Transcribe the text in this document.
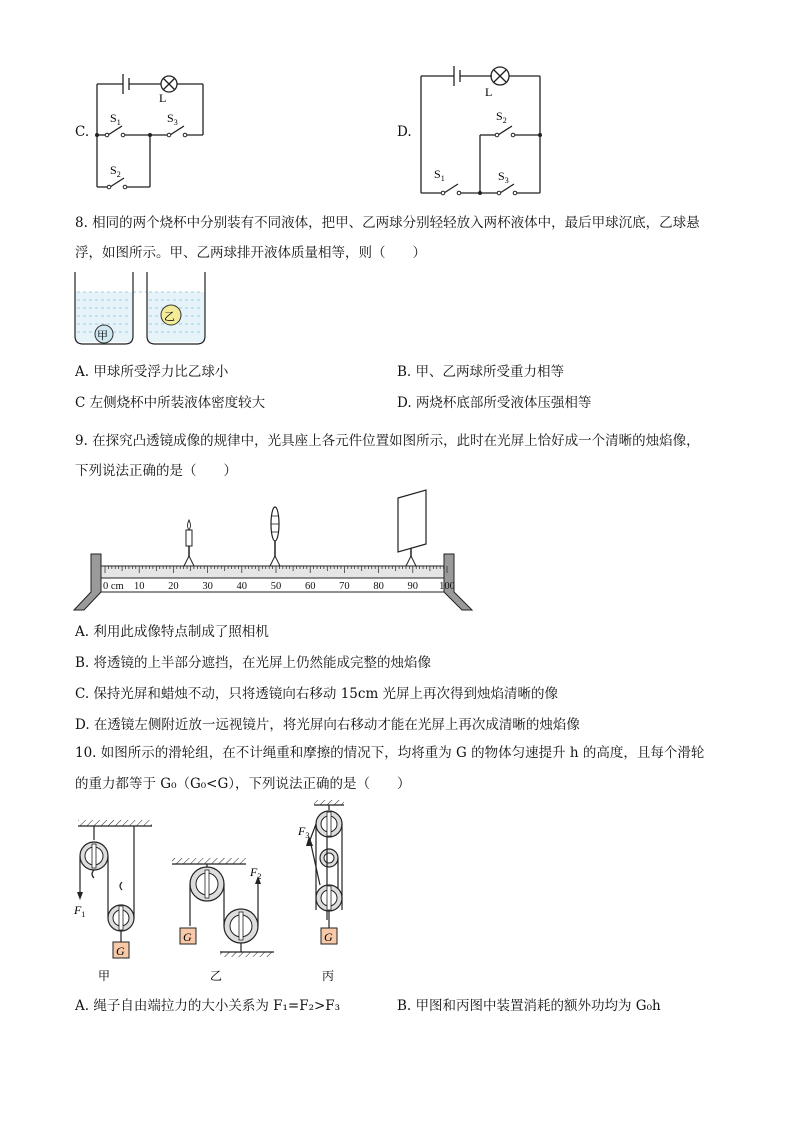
C.
L
$S_1$	$S_3$
$S_2$
D.
L
$S_2$
$S_1$	$S_3$
8. 相同的两个烧杯中分别装有不同液体，把甲、乙两球分别轻轻放入两杯液体中，最后甲球沉底，乙球悬
浮，如图所示。甲、乙两球排开液体质量相等，则（　　）
甲
乙
A. 甲球所受浮力比乙球小	B. 甲、乙两球所受重力相等
C 左侧烧杯中所装液体密度较大	D. 两烧杯底部所受液体压强相等
9. 在探究凸透镜成像的规律中，光具座上各元件位置如图所示，此时在光屏上恰好成一个清晰的烛焰像，
下列说法正确的是（　　）
0 cm 10 20 30 40 50 60 70 80 90 100
A. 利用此成像特点制成了照相机
B. 将透镜的上半部分遮挡，在光屏上仍然能成完整的烛焰像
C. 保持光屏和蜡烛不动，只将透镜向右移动 15cm 光屏上再次得到烛焰清晰的像
D. 在透镜左侧附近放一远视镜片，将光屏向右移动才能在光屏上再次成清晰的烛焰像
10. 如图所示的滑轮组，在不计绳重和摩擦的情况下，均将重为 G 的物体匀速提升 h 的高度，且每个滑轮
的重力都等于 G₀（G₀<G），下列说法正确的是（　　）
G
$F_1$
F1
甲
G
$F_2$
乙
G
$F_3$
丙
A. 绳子自由端拉力的大小关系为 F₁=F₂>F₃	B. 甲图和丙图中装置消耗的额外功均为 G₀h
